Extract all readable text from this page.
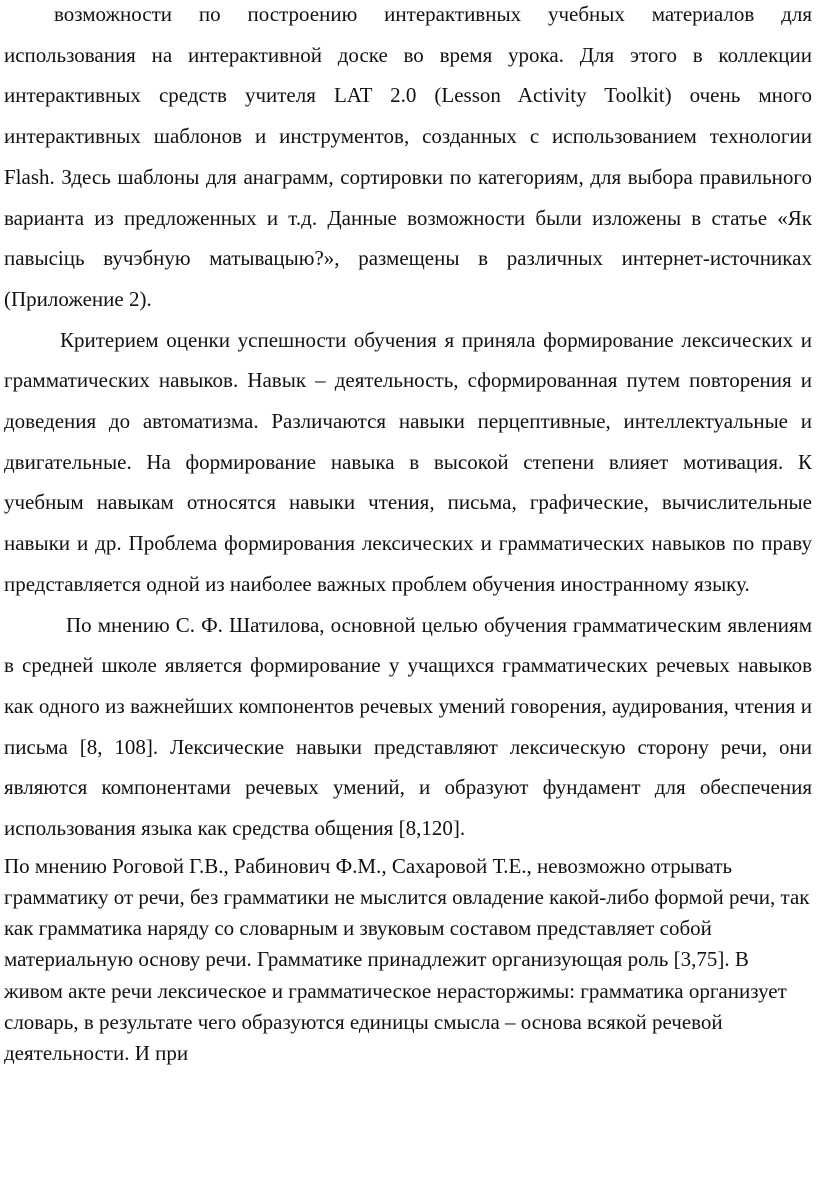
возможности по построению интерактивных учебных материалов для использования на интерактивной доске во время урока. Для этого в коллекции интерактивных средств учителя LAT 2.0 (Lesson Activity Toolkit) очень много интерактивных шаблонов и инструментов, созданных с использованием технологии Flash. Здесь шаблоны для анаграмм, сортировки по категориям, для выбора правильного варианта из предложенных и т.д. Данные возможности были изложены в статье «Як павысіць вучэбную матывацыю?», размещены в различных интернет-источниках (Приложение 2).

Критерием оценки успешности обучения я приняла формирование лексических и грамматических навыков. Навык – деятельность, сформированная путем повторения и доведения до автоматизма. Различаются навыки перцептивные, интеллектуальные и двигательные. На формирование навыка в высокой степени влияет мотивация. К учебным навыкам относятся навыки чтения, письма, графические, вычислительные навыки и др. Проблема формирования лексических и грамматических навыков по праву представляется одной из наиболее важных проблем обучения иностранному языку.

По мнению С. Ф. Шатилова, основной целью обучения грамматическим явлениям в средней школе является формирование у учащихся грамматических речевых навыков как одного из важнейших компонентов речевых умений говорения, аудирования, чтения и письма [8, 108]. Лексические навыки представляют лексическую сторону речи, они являются компонентами речевых умений, и образуют фундамент для обеспечения использования языка как средства общения [8,120].

По мнению Роговой Г.В., Рабинович Ф.М., Сахаровой Т.Е., невозможно отрывать грамматику от речи, без грамматики не мыслится овладение какой-либо формой речи, так как грамматика наряду со словарным и звуковым составом представляет собой материальную основу речи. Грамматике принадлежит организующая роль [3,75]. В живом акте речи лексическое и грамматическое нерасторжимы: грамматика организует словарь, в результате чего образуются единицы смысла – основа всякой речевой деятельности. И при
